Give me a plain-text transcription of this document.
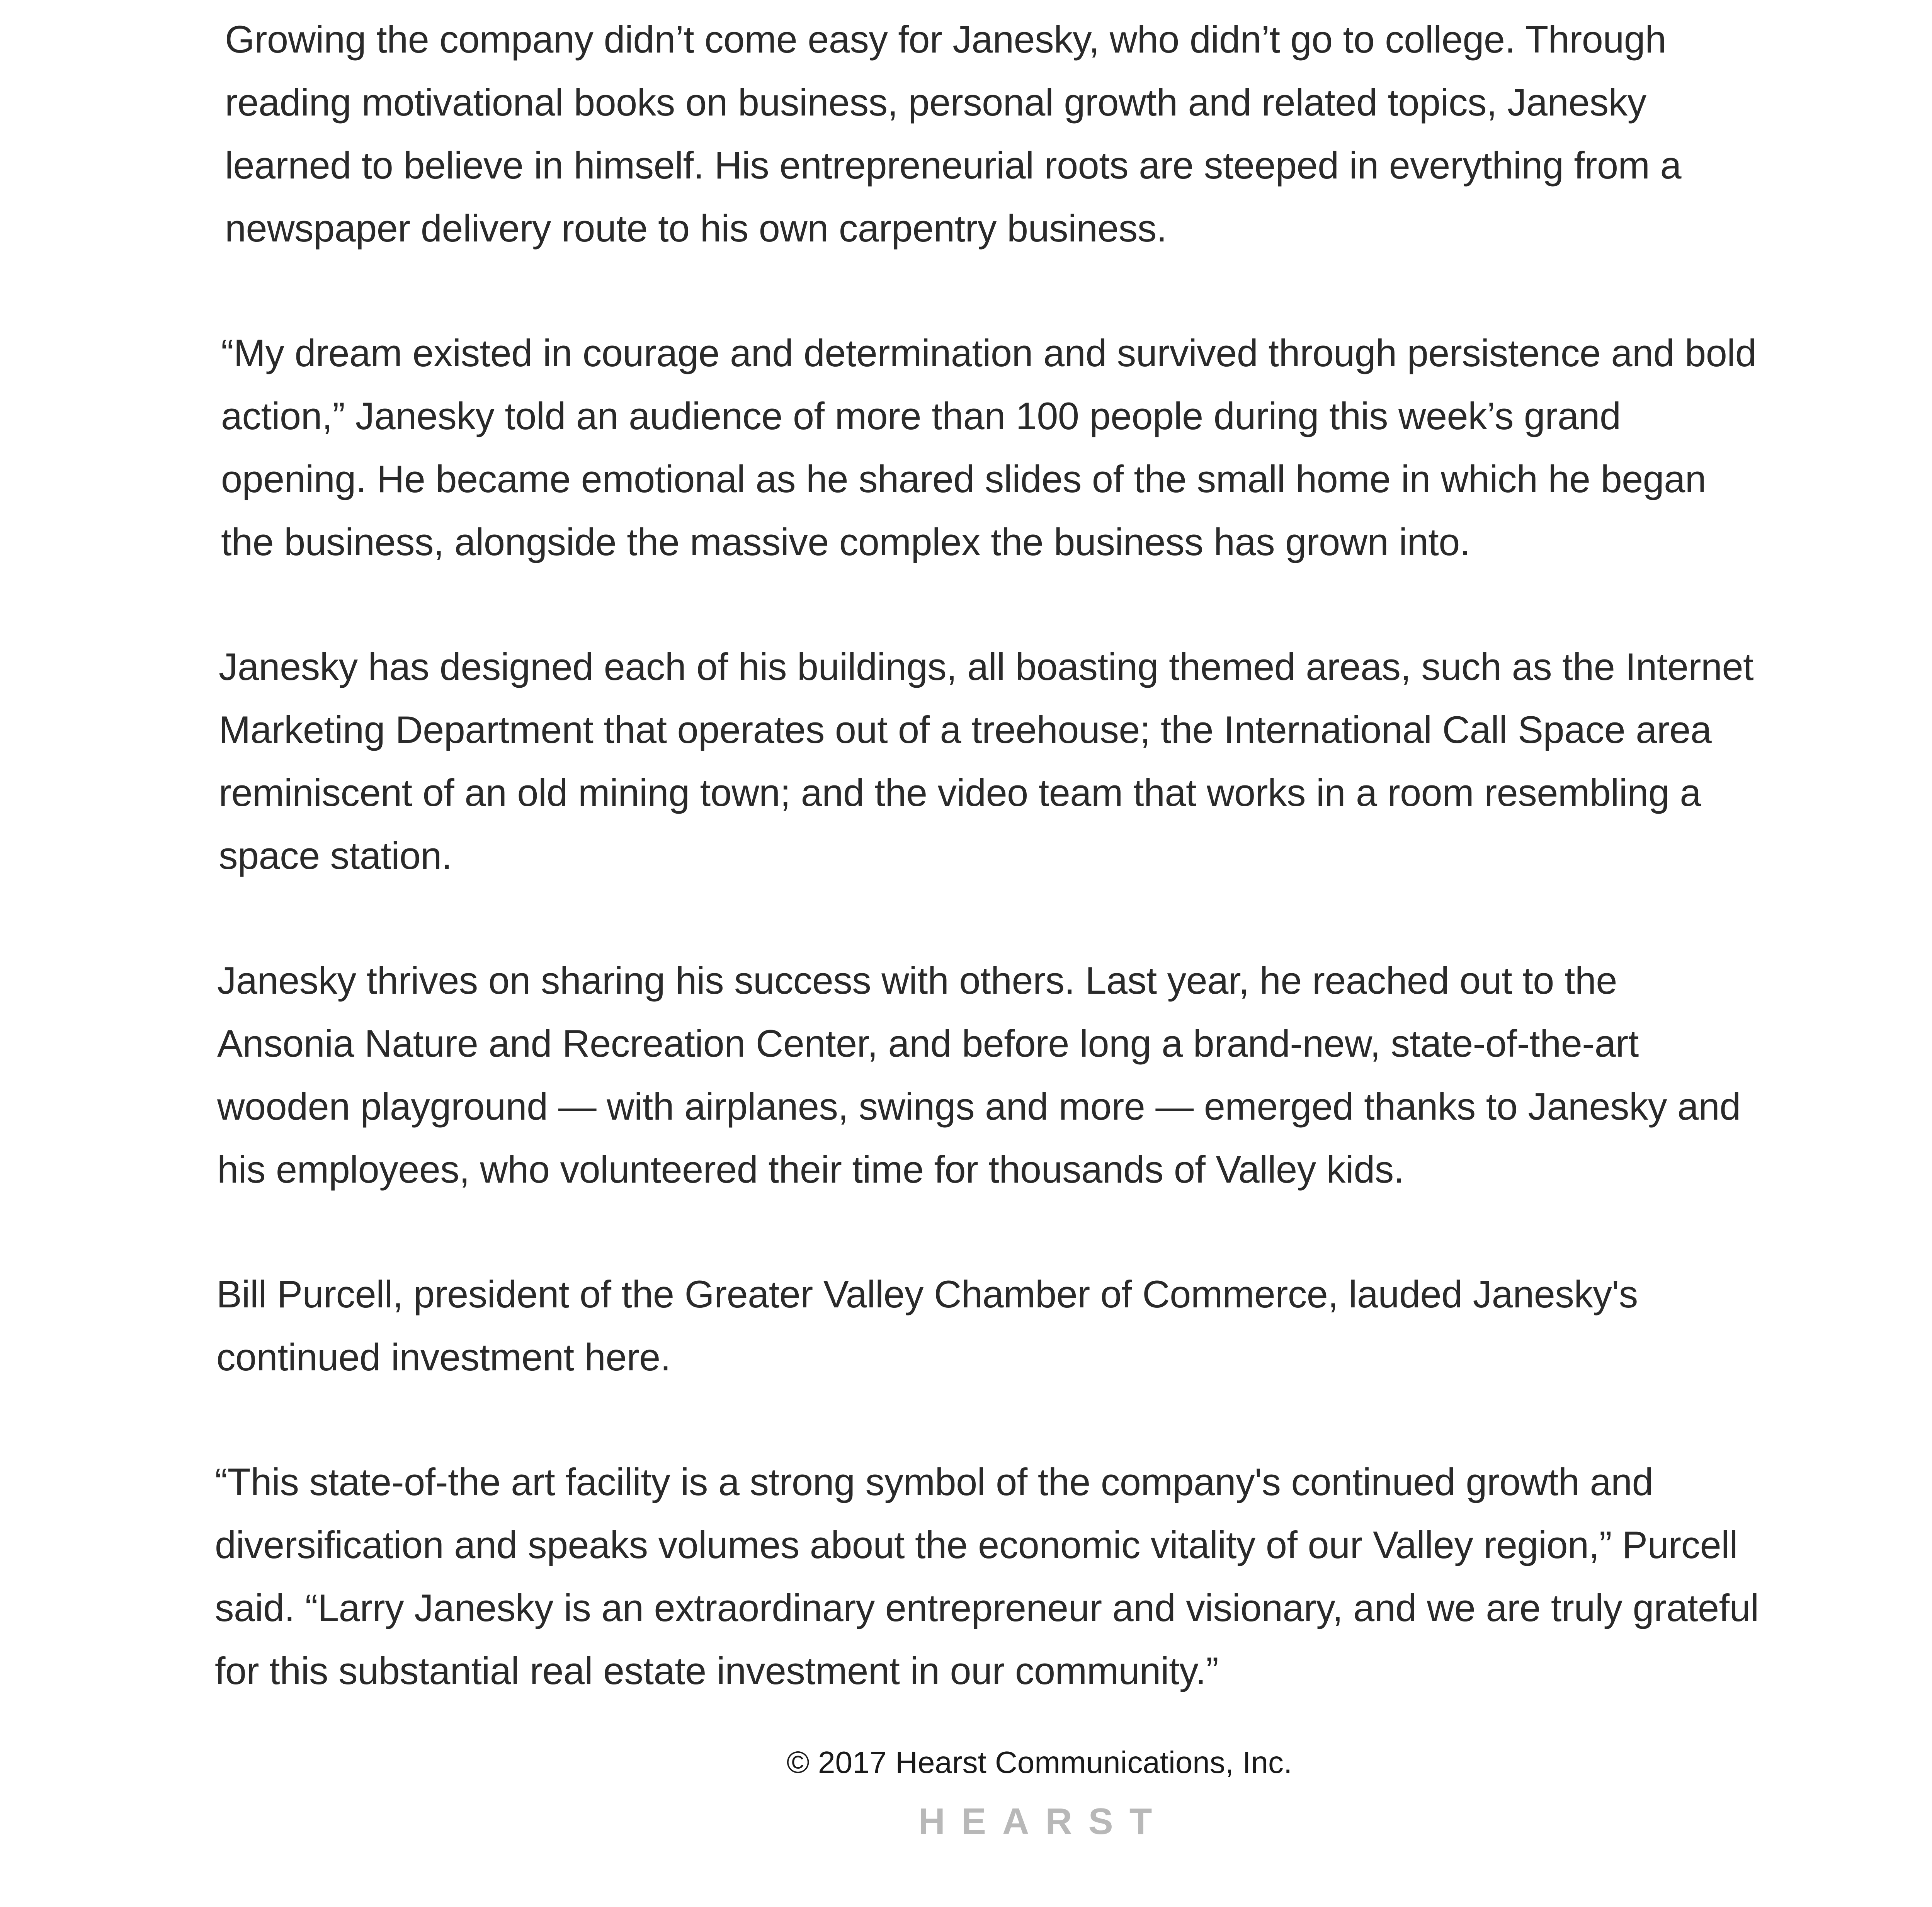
Growing the company didn’t come easy for Janesky, who didn’t go to college. Through reading motivational books on business, personal growth and related topics, Janesky learned to believe in himself. His entrepreneurial roots are steeped in everything from a newspaper delivery route to his own carpentry business.

“My dream existed in courage and determination and survived through persistence and bold action,” Janesky told an audience of more than 100 people during this week’s grand opening. He became emotional as he shared slides of the small home in which he began the business, alongside the massive complex the business has grown into.

Janesky has designed each of his buildings, all boasting themed areas, such as the Internet Marketing Department that operates out of a treehouse; the International Call Space area reminiscent of an old mining town; and the video team that works in a room resembling a space station.

Janesky thrives on sharing his success with others. Last year, he reached out to the Ansonia Nature and Recreation Center, and before long a brand-new, state-of-the-art wooden playground — with airplanes, swings and more — emerged thanks to Janesky and his employees, who volunteered their time for thousands of Valley kids.

Bill Purcell, president of the Greater Valley Chamber of Commerce, lauded Janesky's continued investment here.

“This state-of-the art facility is a strong symbol of the company's continued growth and diversification and speaks volumes about the economic vitality of our Valley region,” Purcell said. “Larry Janesky is an extraordinary entrepreneur and visionary, and we are truly grateful for this substantial real estate investment in our community.”

© 2017 Hearst Communications, Inc.
HEARST
